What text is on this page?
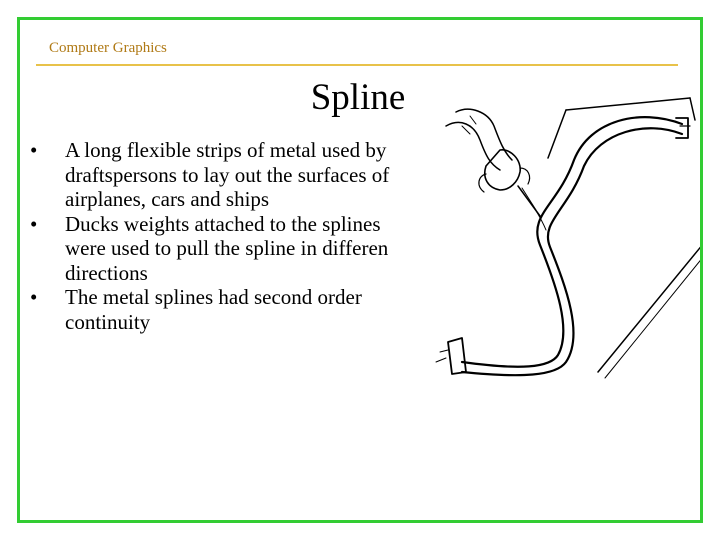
Computer Graphics
Spline
• A long flexible strips of metal used by
draftspersons to lay out the surfaces of
airplanes, cars and ships
• Ducks weights attached to the splines
were used to pull the spline in differen
directions
• The metal splines had second order
continuity
